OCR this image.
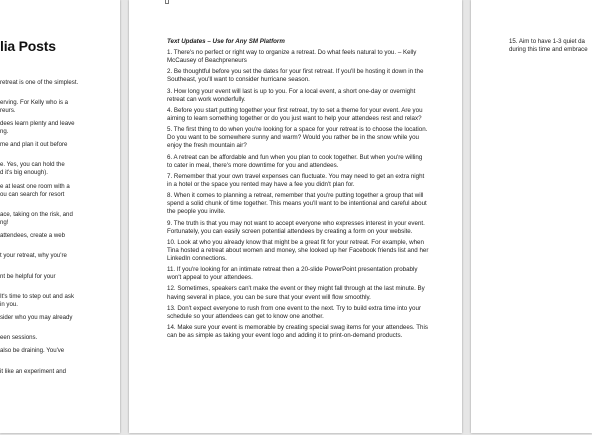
lia Posts
retreat is one of the simplest.
erving. For Kelly who is a
reurs.
dees learn plenty and leave
ng.
me and plan it out before
e. Yes, you can hold the
d it's big enough).
e at least one room with a
ou can search for resort
ace, taking on the risk, and
ng!
attendees, create a web
t your retreat, why you're
nt be helpful for your
It's time to step out and ask
in you.
sider who you may already
een sessions.
also be draining. You've
it like an experiment and
Text Updates – Use for Any SM Platform

1. There's no perfect or right way to organize a retreat. Do what feels natural to you. – Kelly McCausey of Beachpreneurs

2. Be thoughtful before you set the dates for your first retreat. If you'll be hosting it down in the Southeast, you'll want to consider hurricane season.

3. How long your event will last is up to you. For a local event, a short one-day or overnight retreat can work wonderfully.

4. Before you start putting together your first retreat, try to set a theme for your event. Are you aiming to learn something together or do you just want to help your attendees rest and relax?

5. The first thing to do when you're looking for a space for your retreat is to choose the location. Do you want to be somewhere sunny and warm? Would you rather be in the snow while you enjoy the fresh mountain air?

6. A retreat can be affordable and fun when you plan to cook together. But when you're willing to cater in meal, there's more downtime for you and attendees.

7. Remember that your own travel expenses can fluctuate. You may need to get an extra night in a hotel or the space you rented may have a fee you didn't plan for.

8. When it comes to planning a retreat, remember that you're putting together a group that will spend a solid chunk of time together. This means you'll want to be intentional and careful about the people you invite.

9. The truth is that you may not want to accept everyone who expresses interest in your event. Fortunately, you can easily screen potential attendees by creating a form on your website.

10. Look at who you already know that might be a great fit for your retreat. For example, when Tina hosted a retreat about women and money, she looked up her Facebook friends list and her LinkedIn connections.

11. If you're looking for an intimate retreat then a 20-slide PowerPoint presentation probably won't appeal to your attendees.

12. Sometimes, speakers can't make the event or they might fall through at the last minute. By having several in place, you can be sure that your event will flow smoothly.

13. Don't expect everyone to rush from one event to the next. Try to build extra time into your schedule so your attendees can get to know one another.

14. Make sure your event is memorable by creating special swag items for your attendees. This can be as simple as taking your event logo and adding it to print-on-demand products.

15. Aim to have 1-3 quiet da
during this time and embrace
